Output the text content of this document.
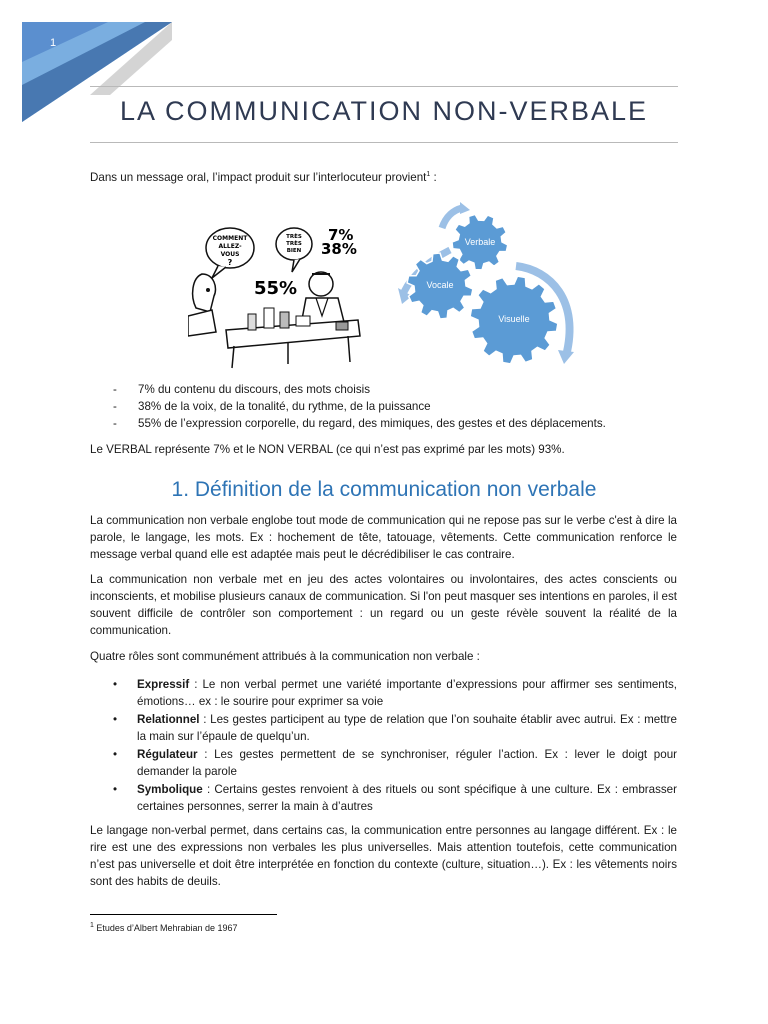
1
LA COMMUNICATION NON-VERBALE

Dans un message oral, l’impact produit sur l’interlocuteur provient$^1$ :

COMMENT
ALLEZ-
VOUS
?
TRÈS
TRÈS
BIEN
7%
38%
55%
Verbale
Vocale
Visuelle
- 7% du contenu du discours, des mots choisis
- 38% de la voix, de la tonalité, du rythme, de la puissance
- 55% de l’expression corporelle, du regard, des mimiques, des gestes et des déplacements.

Le VERBAL représente 7% et le NON VERBAL (ce qui n’est pas exprimé par les mots) 93%.

1. Définition de la communication non verbale

La communication non verbale englobe tout mode de communication qui ne repose pas sur le verbe c'est à dire la parole, le langage, les mots. Ex : hochement de tête, tatouage, vêtements. Cette communication renforce le message verbal quand elle est adaptée mais peut le décrédibiliser le cas contraire.

La communication non verbale met en jeu des actes volontaires ou involontaires, des actes conscients ou inconscients, et mobilise plusieurs canaux de communication. Si l'on peut masquer ses intentions en paroles, il est souvent difficile de contrôler son comportement : un regard ou un geste révèle souvent la réalité de la communication.

Quatre rôles sont communément attribués à la communication non verbale :

• Expressif : Le non verbal permet une variété importante d’expressions pour affirmer ses sentiments, émotions… ex : le sourire pour exprimer sa voie
• Relationnel : Les gestes participent au type de relation que l’on souhaite établir avec autrui. Ex : mettre la main sur l’épaule de quelqu’un.
• Régulateur : Les gestes permettent de se synchroniser, réguler l’action. Ex : lever le doigt pour demander la parole
• Symbolique : Certains gestes renvoient à des rituels ou sont spécifique à une culture. Ex : embrasser certaines personnes, serrer la main à d’autres

Le langage non-verbal permet, dans certains cas, la communication entre personnes au langage différent. Ex : le rire est une des expressions non verbales les plus universelles. Mais attention toutefois, cette communication n’est pas universelle et doit être interprétée en fonction du contexte (culture, situation…). Ex : les vêtements noirs sont des habits de deuils.

$^1$ Etudes d’Albert Mehrabian de 1967
